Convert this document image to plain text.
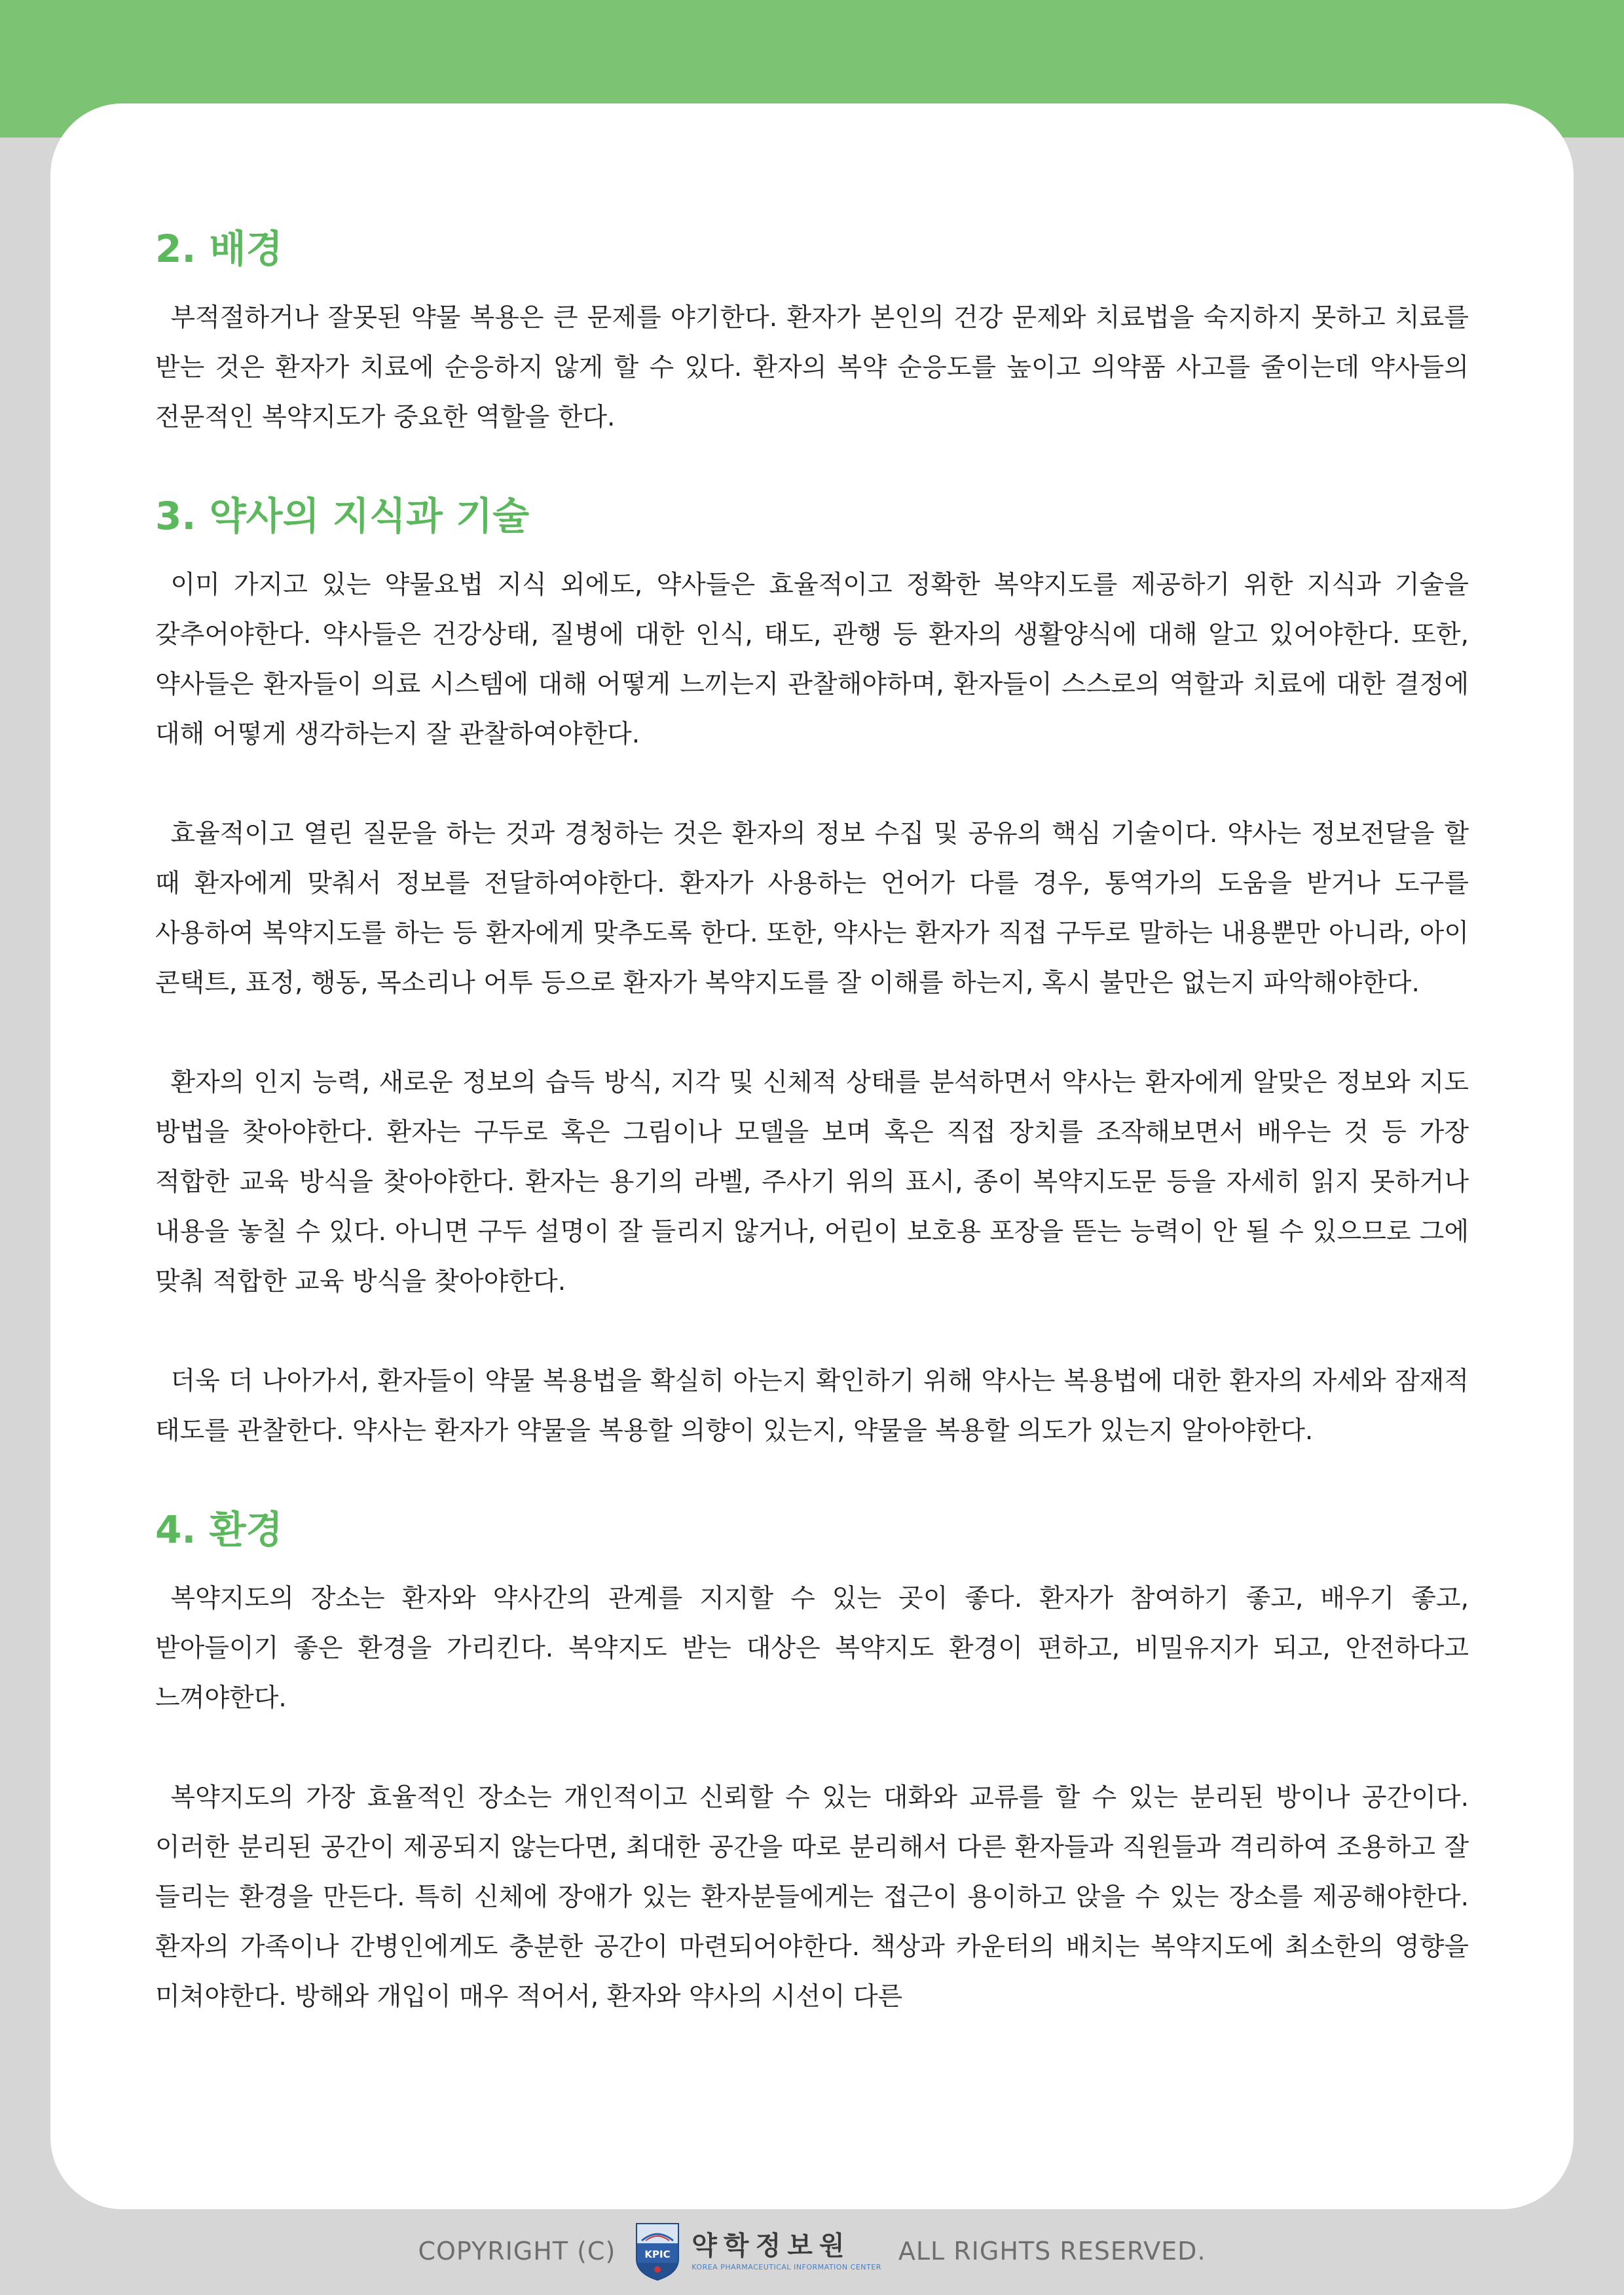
2. 배경

부적절하거나 잘못된 약물 복용은 큰 문제를 야기한다. 환자가 본인의 건강 문제와 치료법을 숙지하지 못하고 치료를 받는 것은 환자가 치료에 순응하지 않게 할 수 있다. 환자의 복약 순응도를 높이고 의약품 사고를 줄이는데 약사들의 전문적인 복약지도가 중요한 역할을 한다.

3. 약사의 지식과 기술

이미 가지고 있는 약물요법 지식 외에도, 약사들은 효율적이고 정확한 복약지도를 제공하기 위한 지식과 기술을 갖추어야한다. 약사들은 건강상태, 질병에 대한 인식, 태도, 관행 등 환자의 생활양식에 대해 알고 있어야한다. 또한, 약사들은 환자들이 의료 시스템에 대해 어떻게 느끼는지 관찰해야하며, 환자들이 스스로의 역할과 치료에 대한 결정에 대해 어떻게 생각하는지 잘 관찰하여야한다.

효율적이고 열린 질문을 하는 것과 경청하는 것은 환자의 정보 수집 및 공유의 핵심 기술이다. 약사는 정보전달을 할 때 환자에게 맞춰서 정보를 전달하여야한다. 환자가 사용하는 언어가 다를 경우, 통역가의 도움을 받거나 도구를 사용하여 복약지도를 하는 등 환자에게 맞추도록 한다. 또한, 약사는 환자가 직접 구두로 말하는 내용뿐만 아니라, 아이 콘택트, 표정, 행동, 목소리나 어투 등으로 환자가 복약지도를 잘 이해를 하는지, 혹시 불만은 없는지 파악해야한다.

환자의 인지 능력, 새로운 정보의 습득 방식, 지각 및 신체적 상태를 분석하면서 약사는 환자에게 알맞은 정보와 지도 방법을 찾아야한다. 환자는 구두로 혹은 그림이나 모델을 보며 혹은 직접 장치를 조작해보면서 배우는 것 등 가장 적합한 교육 방식을 찾아야한다. 환자는 용기의 라벨, 주사기 위의 표시, 종이 복약지도문 등을 자세히 읽지 못하거나 내용을 놓칠 수 있다. 아니면 구두 설명이 잘 들리지 않거나, 어린이 보호용 포장을 뜯는 능력이 안 될 수 있으므로 그에 맞춰 적합한 교육 방식을 찾아야한다.

더욱 더 나아가서, 환자들이 약물 복용법을 확실히 아는지 확인하기 위해 약사는 복용법에 대한 환자의 자세와 잠재적 태도를 관찰한다. 약사는 환자가 약물을 복용할 의향이 있는지, 약물을 복용할 의도가 있는지 알아야한다.

4. 환경

복약지도의 장소는 환자와 약사간의 관계를 지지할 수 있는 곳이 좋다. 환자가 참여하기 좋고, 배우기 좋고, 받아들이기 좋은 환경을 가리킨다. 복약지도 받는 대상은 복약지도 환경이 편하고, 비밀유지가 되고, 안전하다고 느껴야한다.

복약지도의 가장 효율적인 장소는 개인적이고 신뢰할 수 있는 대화와 교류를 할 수 있는 분리된 방이나 공간이다. 이러한 분리된 공간이 제공되지 않는다면, 최대한 공간을 따로 분리해서 다른 환자들과 직원들과 격리하여 조용하고 잘 들리는 환경을 만든다. 특히 신체에 장애가 있는 환자분들에게는 접근이 용이하고 앉을 수 있는 장소를 제공해야한다. 환자의 가족이나 간병인에게도 충분한 공간이 마련되어야한다. 책상과 카운터의 배치는 복약지도에 최소한의 영향을 미쳐야한다. 방해와 개입이 매우 적어서, 환자와 약사의 시선이 다른

COPYRIGHT (C)	KPIC 약학정보원
KOREA PHARMACEUTICAL INFORMATION CENTER
ALL RIGHTS RESERVED.
